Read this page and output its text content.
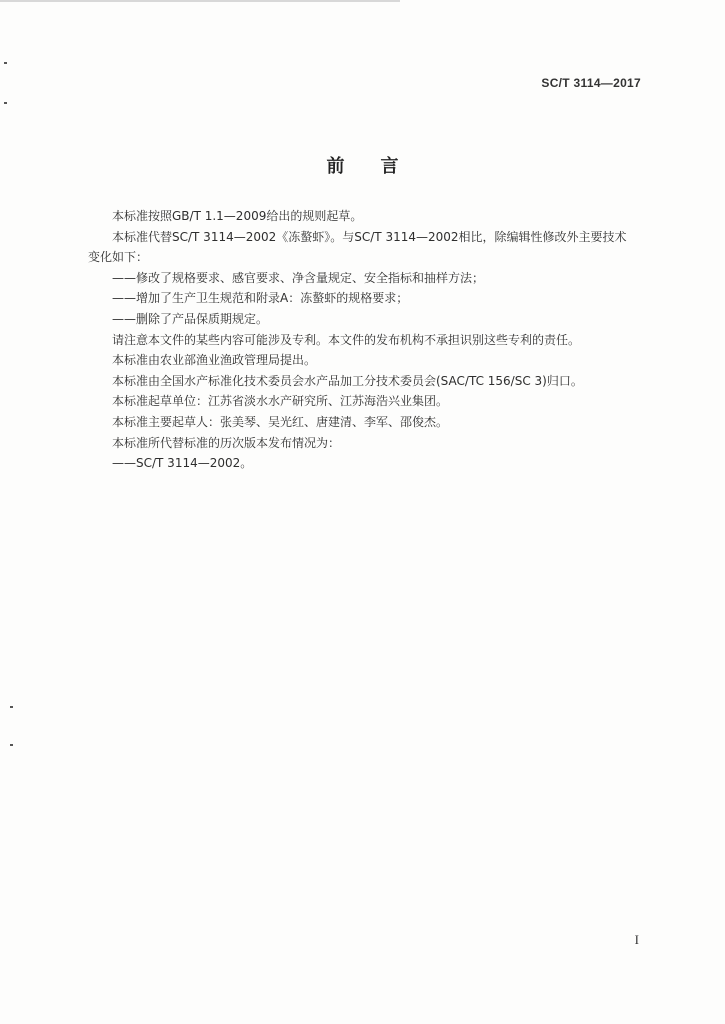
SC/T 3114—2017
前 言

本标准按照GB/T 1.1—2009给出的规则起草。

本标准代替SC/T 3114—2002《冻螯虾》。与SC/T 3114—2002相比，除编辑性修改外主要技术

变化如下：

——修改了规格要求、感官要求、净含量规定、安全指标和抽样方法；

——增加了生产卫生规范和附录A：冻螯虾的规格要求；

——删除了产品保质期规定。

请注意本文件的某些内容可能涉及专利。本文件的发布机构不承担识别这些专利的责任。

本标准由农业部渔业渔政管理局提出。

本标准由全国水产标准化技术委员会水产品加工分技术委员会(SAC/TC 156/SC 3)归口。

本标准起草单位：江苏省淡水水产研究所、江苏海浩兴业集团。

本标准主要起草人：张美琴、吴光红、唐建清、李军、邵俊杰。

本标准所代替标准的历次版本发布情况为：

——SC/T 3114—2002。

I
